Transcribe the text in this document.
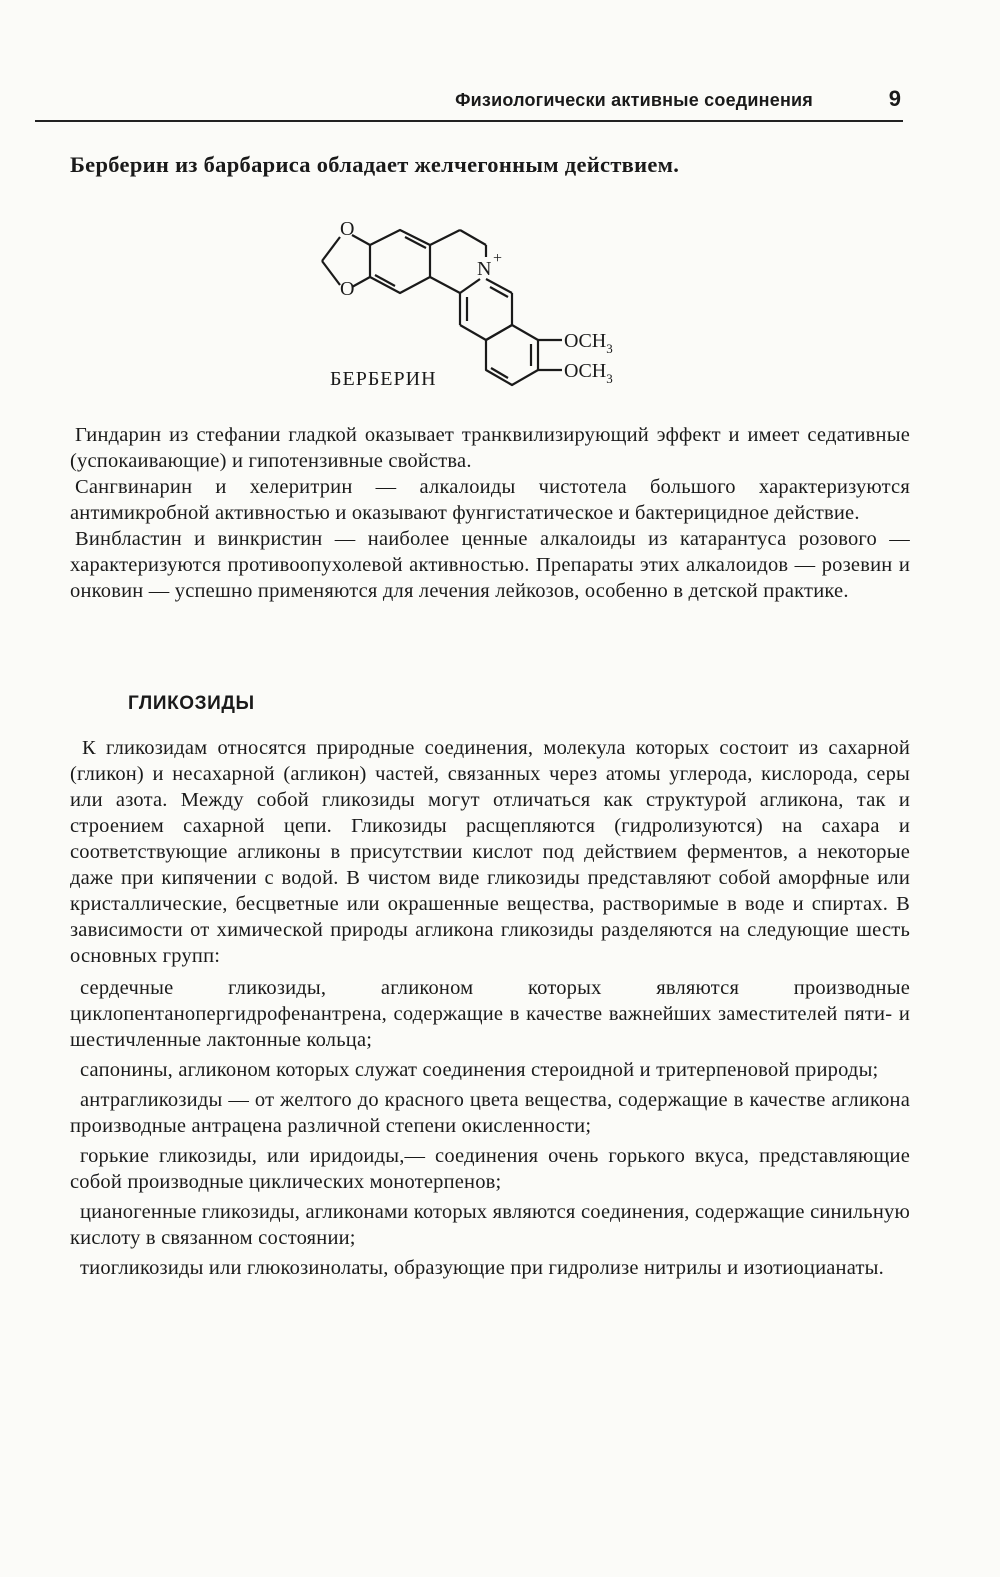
Физиологически активные соединения	9
Берберин из барбариса обладает желчегонным действием.
O
O
N +
$OCH_3$
$OCH_3$
БЕРБЕРИН

Гиндарин из стефании гладкой оказывает транквилизирующий эффект и имеет седативные (успокаивающие) и гипотензивные свойства.

Сангвинарин и хелеритрин — алкалоиды чистотела большого характеризуются антимикробной активностью и оказывают фунгистатическое и бактерицидное действие.

Винбластин и винкристин — наиболее ценные алкалоиды из катарантуса розового — характеризуются противоопухолевой активностью. Препараты этих алкалоидов — розевин и онковин — успешно применяются для лечения лейкозов, особенно в детской практике.

ГЛИКОЗИДЫ

К гликозидам относятся природные соединения, молекула которых состоит из сахарной (гликон) и несахарной (агликон) частей, связанных через атомы углерода, кислорода, серы или азота. Между собой гликозиды могут отличаться как структурой агликона, так и строением сахарной цепи. Гликозиды расщепляются (гидролизуются) на сахара и соответствующие агликоны в присутствии кислот под действием ферментов, а некоторые даже при кипячении с водой. В чистом виде гликозиды представляют собой аморфные или кристаллические, бесцветные или окрашенные вещества, растворимые в воде и спиртах. В зависимости от химической природы агликона гликозиды разделяются на следующие шесть основных групп:

сердечные гликозиды, агликоном которых являются производные циклопентанопергидрофенантрена, содержащие в качестве важнейших заместителей пяти- и шестичленные лактонные кольца;
сапонины, агликоном которых служат соединения стероидной и тритерпеновой природы;
антрагликозиды — от желтого до красного цвета вещества, содержащие в качестве агликона производные антрацена различной степени окисленности;
горькие гликозиды, или иридоиды,— соединения очень горького вкуса, представляющие собой производные циклических монотерпенов;
цианогенные гликозиды, агликонами которых являются соединения, содержащие синильную кислоту в связанном состоянии;
тиогликозиды или глюкозинолаты, образующие при гидролизе нитрилы и изотиоцианаты.
